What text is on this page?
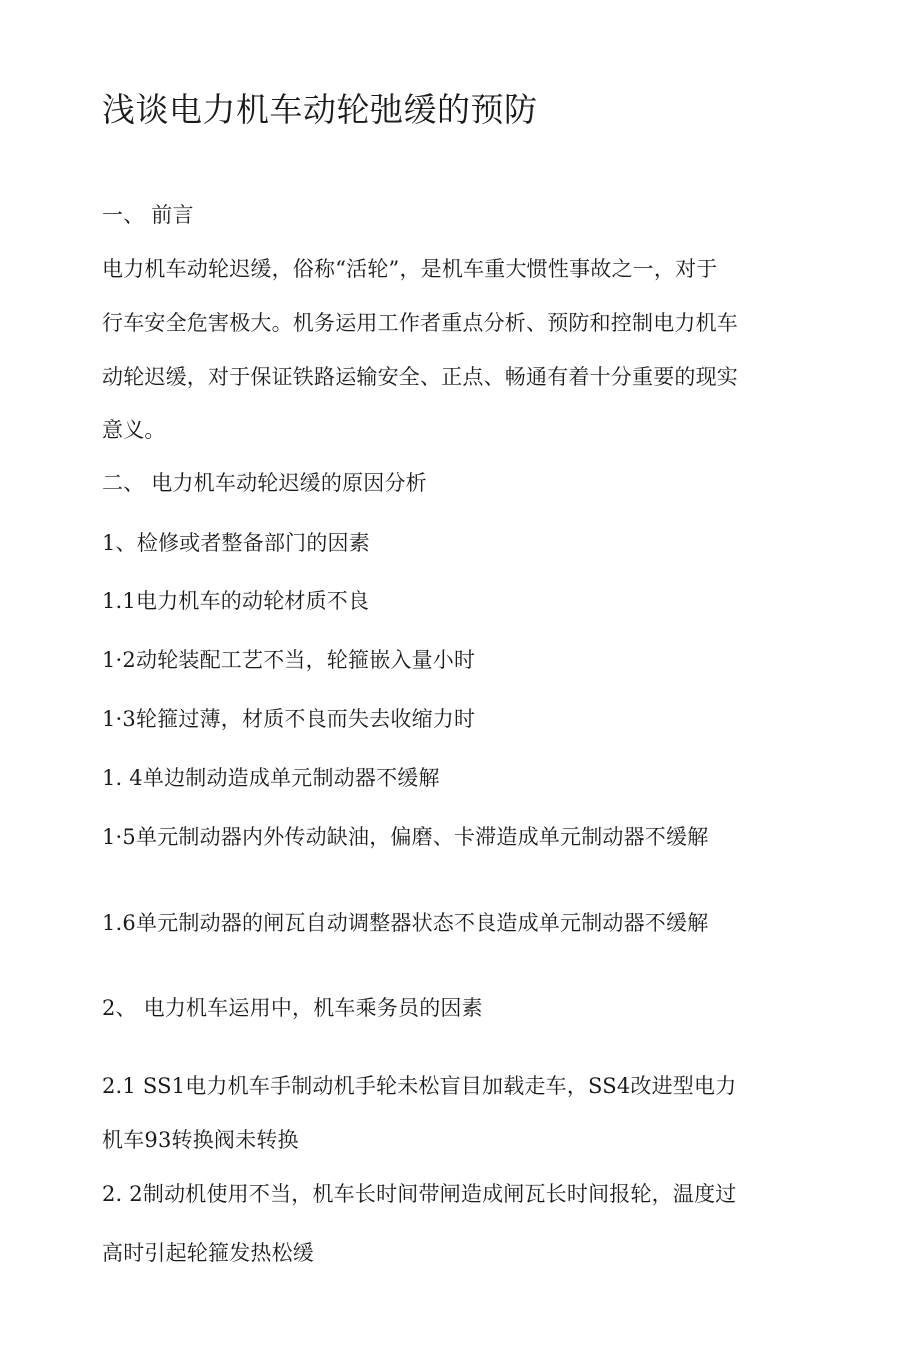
浅谈电力机车动轮弛缓的预防

一、 前言

电力机车动轮迟缓，俗称“活轮”，是机车重大惯性事故之一，对于

行车安全危害极大。机务运用工作者重点分析、预防和控制电力机车

动轮迟缓，对于保证铁路运输安全、正点、畅通有着十分重要的现实

意义。

二、 电力机车动轮迟缓的原因分析

1、检修或者整备部门的因素

1.1电力机车的动轮材质不良

1·2动轮装配工艺不当，轮箍嵌入量小时

1·3轮箍过薄，材质不良而失去收缩力时

1. 4单边制动造成单元制动器不缓解

1·5单元制动器内外传动缺油，偏磨、卡滞造成单元制动器不缓解

1.6单元制动器的闸瓦自动调整器状态不良造成单元制动器不缓解

2、 电力机车运用中，机车乘务员的因素

2.1 SS1电力机车手制动机手轮未松盲目加载走车，SS4改进型电力

机车93转换阀未转换

2. 2制动机使用不当，机车长时间带闸造成闸瓦长时间报轮，温度过

高时引起轮箍发热松缓
